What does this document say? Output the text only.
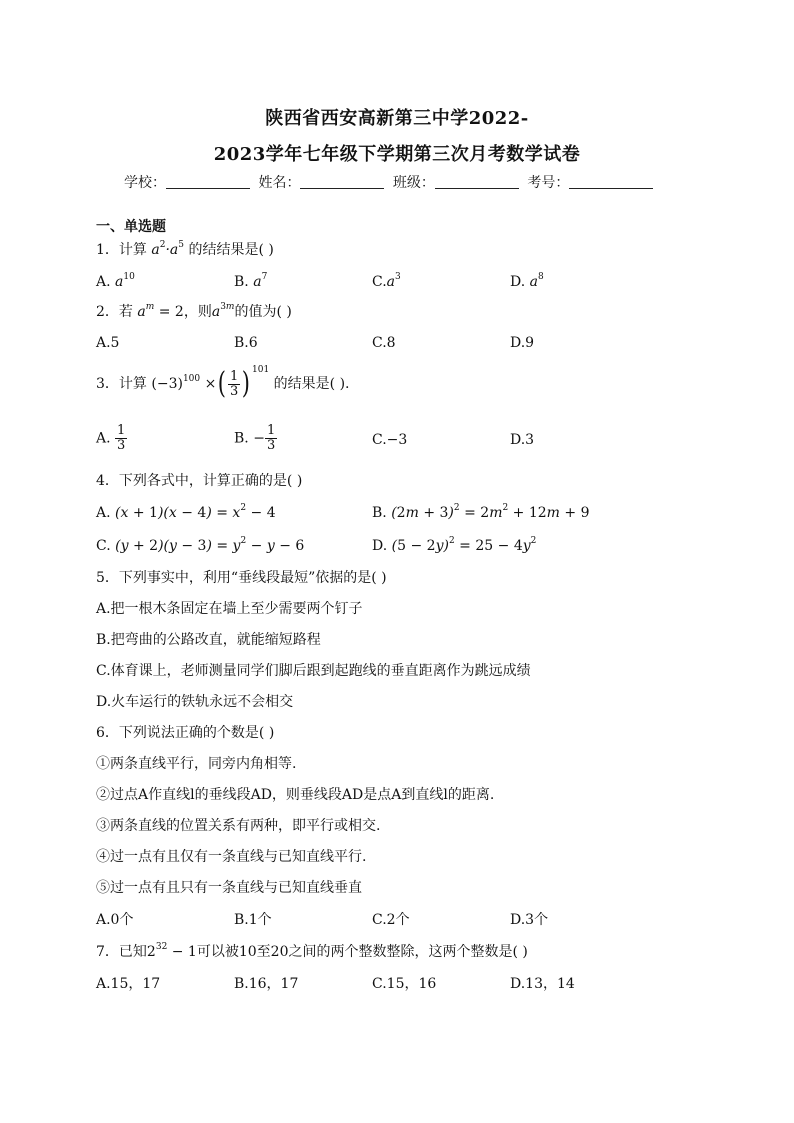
陕西省西安高新第三中学2022-
2023学年七年级下学期第三次月考数学试卷
学校：	姓名：	班级：	考号：
一、单选题
1．计算 $a^2\cdot a^5$ 的结结果是( )
A. $a^{10}$	B. $a^7$	$C.a^3$	D. $a^8$
2．若 $a^m = 2$，则$a^{3m}$的值为( )
A.5	B.6	C.8	D.9
3．计算 $(-3)^{100}$ ×( $\frac{1}{3}$ ) $^{101}$ 的结果是( ).
A. $\frac{1}{3}$	B. − $\frac{1}{3}$	C.−3	D.3
4．下列各式中，计算正确的是( )
A. $(x + 1)(x - 4) = x^2 - 4$	B. $(2m + 3)^2 = 2m^2 + 12m + 9$
C. $(y + 2)(y - 3) = y^2 - y - 6$	D. $(5 - 2y)^2 = 25 - 4y^2$
5．下列事实中，利用“垂线段最短”依据的是( )
A.把一根木条固定在墙上至少需要两个钉子
B.把弯曲的公路改直，就能缩短路程
C.体育课上，老师测量同学们脚后跟到起跑线的垂直距离作为跳远成绩
D.火车运行的铁轨永远不会相交
6．下列说法正确的个数是( )
①两条直线平行，同旁内角相等.
②过点A作直线l的垂线段AD，则垂线段AD是点A到直线l的距离.
③两条直线的位置关系有两种，即平行或相交.
④过一点有且仅有一条直线与已知直线平行.
⑤过一点有且只有一条直线与已知直线垂直
A.0个	B.1个	C.2个	D.3个
7．已知$2^{32} - 1$可以被10至20之间的两个整数整除，这两个整数是( )
A.15，17	B.16，17	C.15，16	D.13，14
